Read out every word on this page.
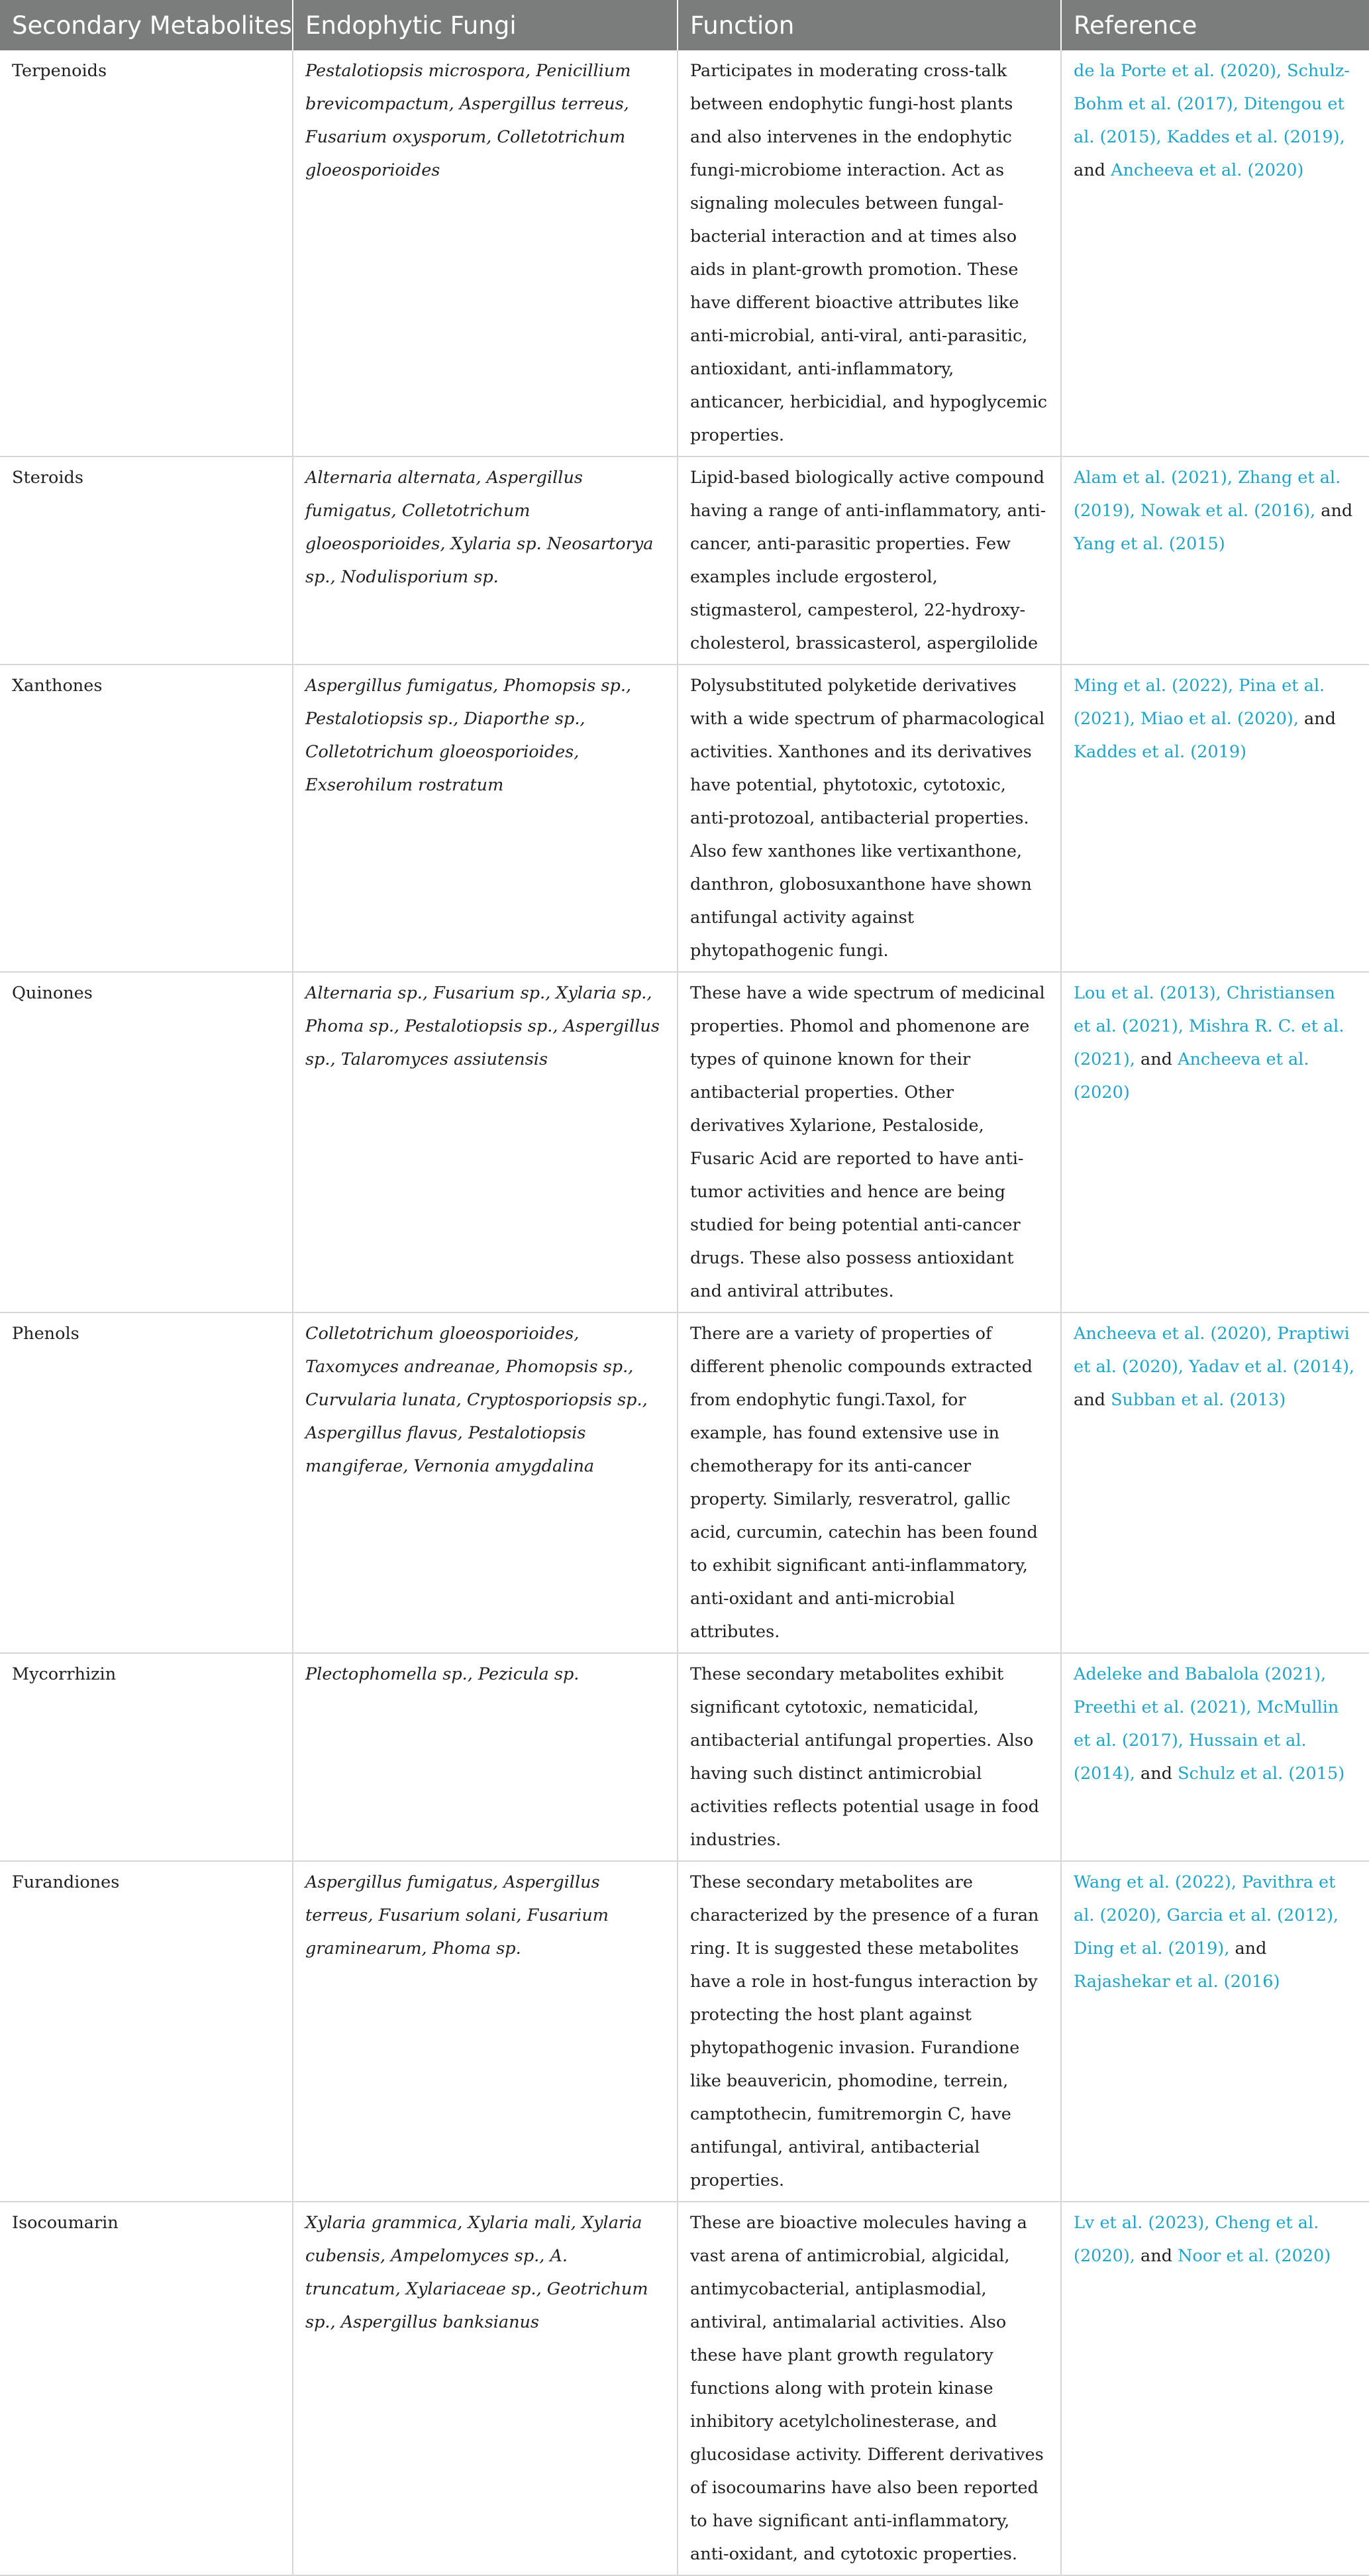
Secondary Metabolites	Endophytic Fungi	Function	Reference
Terpenoids	Pestalotiopsis microspora, Penicillium brevicompactum, Aspergillus terreus, Fusarium oxysporum, Colletotrichum gloeosporioides	Participates in moderating cross-talk between endophytic fungi-host plants and also intervenes in the endophytic fungi-microbiome interaction. Act as signaling molecules between fungal-bacterial interaction and at times also aids in plant-growth promotion. These have different bioactive attributes like anti-microbial, anti-viral, anti-parasitic, antioxidant, anti-inflammatory, anticancer, herbicidial, and hypoglycemic properties.	de la Porte et al. (2020), Schulz-Bohm et al. (2017), Ditengou et al. (2015), Kaddes et al. (2019), and Ancheeva et al. (2020)
Steroids	Alternaria alternata, Aspergillus fumigatus, Colletotrichum gloeosporioides, Xylaria sp. Neosartorya sp., Nodulisporium sp.	Lipid-based biologically active compound having a range of anti-inflammatory, anti-cancer, anti-parasitic properties. Few examples include ergosterol, stigmasterol, campesterol, 22-hydroxy-cholesterol, brassicasterol, aspergilolide	Alam et al. (2021), Zhang et al. (2019), Nowak et al. (2016), and Yang et al. (2015)
Xanthones	Aspergillus fumigatus, Phomopsis sp., Pestalotiopsis sp., Diaporthe sp., Colletotrichum gloeosporioides, Exserohilum rostratum	Polysubstituted polyketide derivatives with a wide spectrum of pharmacological activities. Xanthones and its derivatives have potential, phytotoxic, cytotoxic, anti-protozoal, antibacterial properties. Also few xanthones like vertixanthone, danthron, globosuxanthone have shown antifungal activity against phytopathogenic fungi.	Ming et al. (2022), Pina et al. (2021), Miao et al. (2020), and Kaddes et al. (2019)
Quinones	Alternaria sp., Fusarium sp., Xylaria sp., Phoma sp., Pestalotiopsis sp., Aspergillus sp., Talaromyces assiutensis	These have a wide spectrum of medicinal properties. Phomol and phomenone are types of quinone known for their antibacterial properties. Other derivatives Xylarione, Pestaloside, Fusaric Acid are reported to have anti-tumor activities and hence are being studied for being potential anti-cancer drugs. These also possess antioxidant and antiviral attributes.	Lou et al. (2013), Christiansen et al. (2021), Mishra R. C. et al. (2021), and Ancheeva et al. (2020)
Phenols	Colletotrichum gloeosporioides, Taxomyces andreanae, Phomopsis sp., Curvularia lunata, Cryptosporiopsis sp., Aspergillus flavus, Pestalotiopsis mangiferae, Vernonia amygdalina	There are a variety of properties of different phenolic compounds extracted from endophytic fungi.Taxol, for example, has found extensive use in chemotherapy for its anti-cancer property. Similarly, resveratrol, gallic acid, curcumin, catechin has been found to exhibit significant anti-inflammatory, anti-oxidant and anti-microbial attributes.	Ancheeva et al. (2020), Praptiwi et al. (2020), Yadav et al. (2014), and Subban et al. (2013)
Mycorrhizin	Plectophomella sp., Pezicula sp.	These secondary metabolites exhibit significant cytotoxic, nematicidal, antibacterial antifungal properties. Also having such distinct antimicrobial activities reflects potential usage in food industries.	Adeleke and Babalola (2021), Preethi et al. (2021), McMullin et al. (2017), Hussain et al. (2014), and Schulz et al. (2015)
Furandiones	Aspergillus fumigatus, Aspergillus terreus, Fusarium solani, Fusarium graminearum, Phoma sp.	These secondary metabolites are characterized by the presence of a furan ring. It is suggested these metabolites have a role in host-fungus interaction by protecting the host plant against phytopathogenic invasion. Furandione like beauvericin, phomodine, terrein, camptothecin, fumitremorgin C, have antifungal, antiviral, antibacterial properties.	Wang et al. (2022), Pavithra et al. (2020), Garcia et al. (2012), Ding et al. (2019), and Rajashekar et al. (2016)
Isocoumarin	Xylaria grammica, Xylaria mali, Xylaria cubensis, Ampelomyces sp., A. truncatum, Xylariaceae sp., Geotrichum sp., Aspergillus banksianus	These are bioactive molecules having a vast arena of antimicrobial, algicidal, antimycobacterial, antiplasmodial, antiviral, antimalarial activities. Also these have plant growth regulatory functions along with protein kinase inhibitory acetylcholinesterase, and glucosidase activity. Different derivatives of isocoumarins have also been reported to have significant anti-inflammatory, anti-oxidant, and cytotoxic properties.	Lv et al. (2023), Cheng et al. (2020), and Noor et al. (2020)
